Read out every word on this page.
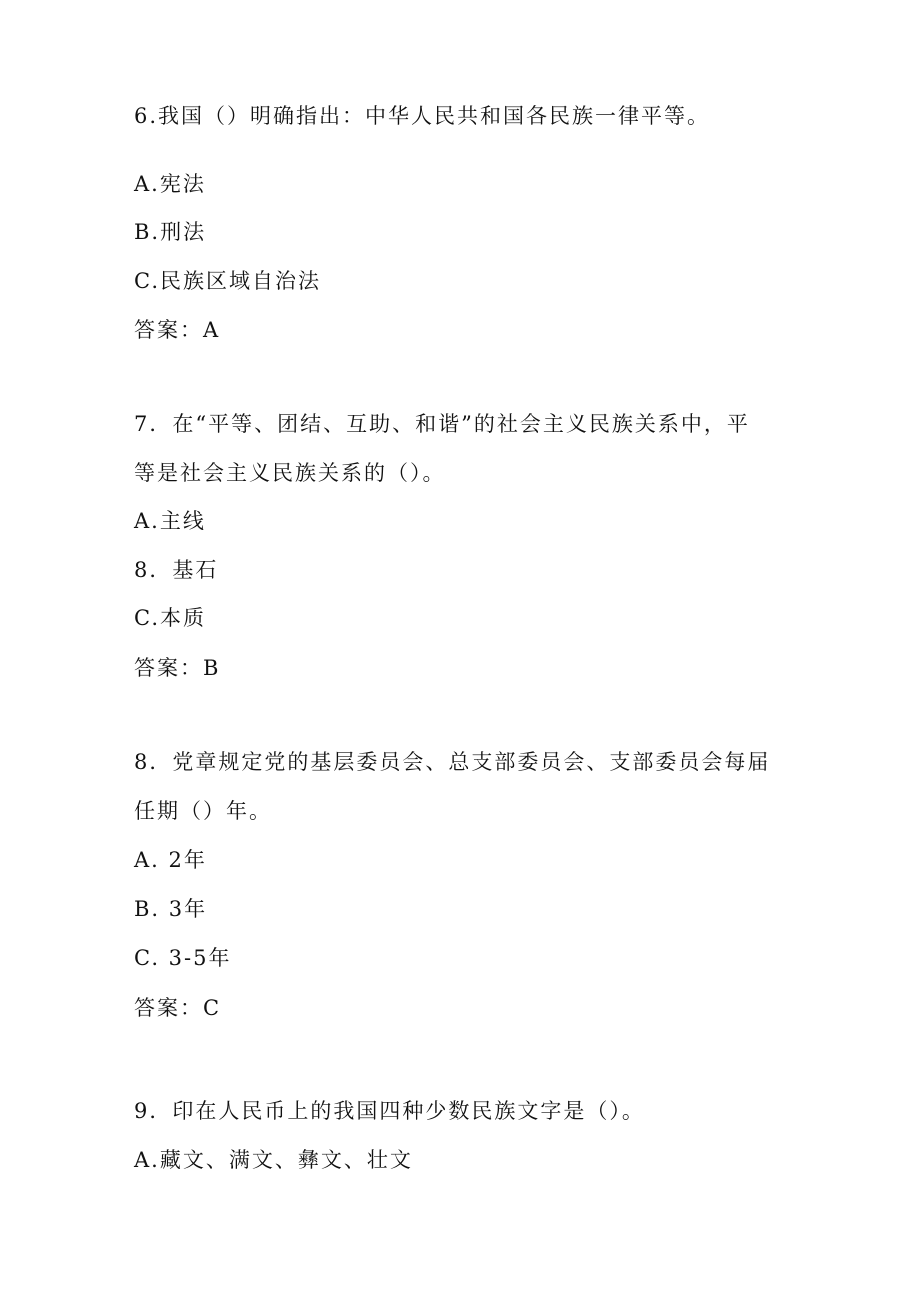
6.我国（）明确指出：中华人民共和国各民族一律平等。
A.宪法
B.刑法
C.民族区域自治法
答案：A
7．在“平等、团结、互助、和谐”的社会主义民族关系中，平
等是社会主义民族关系的（）。
A.主线
8．基石
C.本质
答案：B
8．党章规定党的基层委员会、总支部委员会、支部委员会每届
任期（）年。
A. 2年
B. 3年
C. 3-5年
答案：C
9．印在人民币上的我国四种少数民族文字是（）。
A.藏文、满文、彝文、壮文
